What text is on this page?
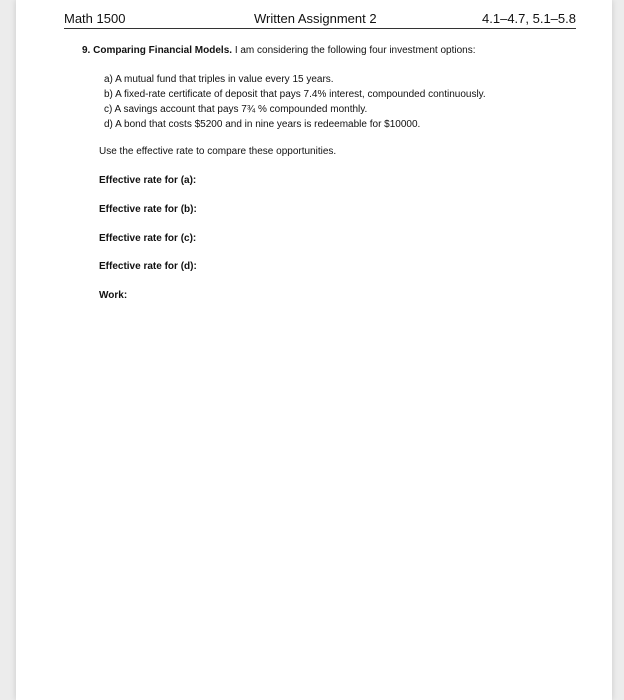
Math 1500	Written Assignment 2	4.1–4.7, 5.1–5.8
9. Comparing Financial Models. I am considering the following four investment options:
a) A mutual fund that triples in value every 15 years.
b) A fixed-rate certificate of deposit that pays 7.4% interest, compounded continuously.
c) A savings account that pays 7¾ % compounded monthly.
d) A bond that costs $5200 and in nine years is redeemable for $10000.
Use the effective rate to compare these opportunities.
Effective rate for (a):
Effective rate for (b):
Effective rate for (c):
Effective rate for (d):
Work:
